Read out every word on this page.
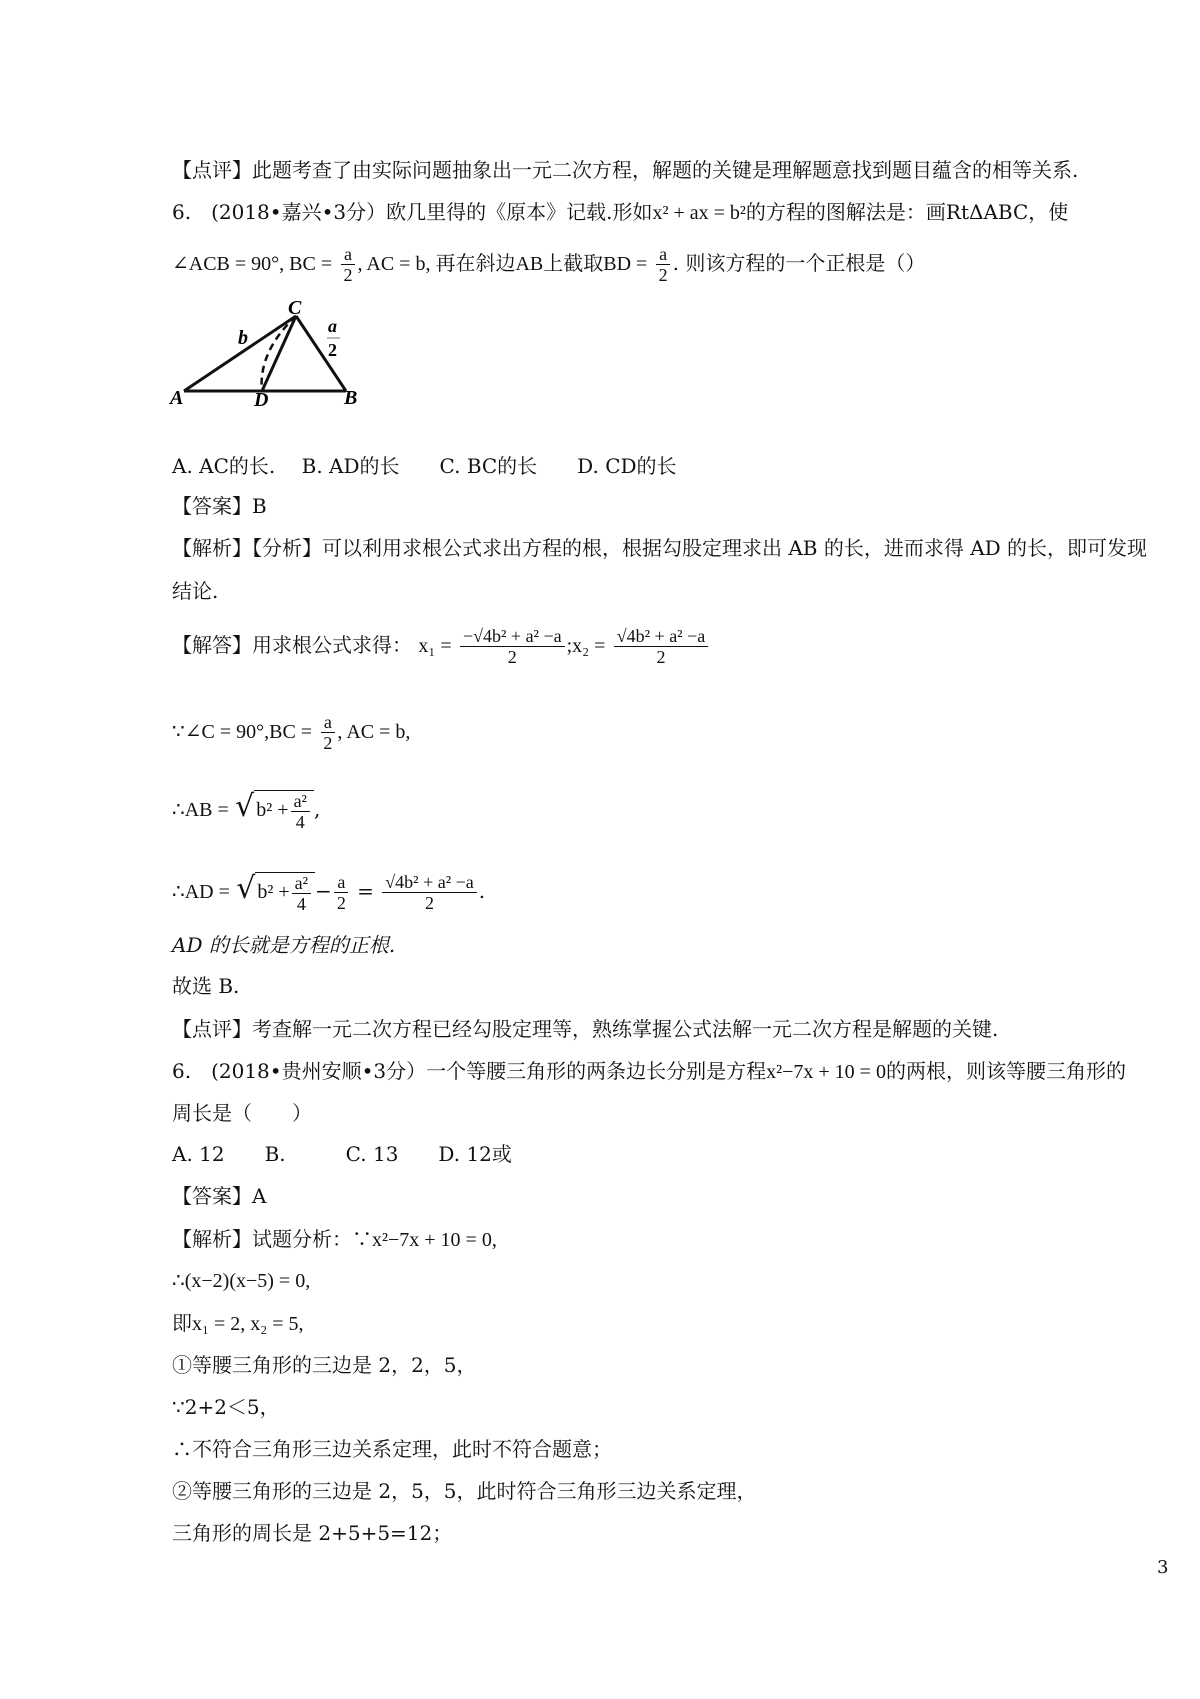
【点评】此题考查了由实际问题抽象出一元二次方程，解题的关键是理解题意找到题目蕴含的相等关系.
6.　(2018•嘉兴•3分）欧几里得的《原本》记载.形如x² + ax = b²的方程的图解法是：画RtΔABC，使
∠ACB = 90°, BC = $\frac{a}{2}$ , AC = b, 再在斜边AB上截取BD = $\frac{a}{2}$ . 则该方程的一个正根是（）
A	D	B
C
b
a
2
A. AC的长.　 B. AD的长　　C. BC的长　　D. CD的长
【答案】B
【解析】【分析】可以利用求根公式求出方程的根，根据勾股定理求出 AB 的长，进而求得 AD 的长，即可发现
结论.
【解答】用求根公式求得： $x_1 = \frac{\text{−√4b² + a² −a}}{2}$ ;x₂ = $\frac{\text{√4b² + a² −a}}{2}$
∵∠C = $90^\circ,BC = \frac{a}{2}$ , AC = b,
∴AB = √ $b^2 + \frac{\text{a²}}{4}$ ,
∴AD = √ $b^2 + \frac{\text{a²}}{4} - \frac{a}{2} = \frac{\text{√4b² + a² −a}}{2}$ .
AD 的长就是方程的正根.
故选 B.
【点评】考查解一元二次方程已经勾股定理等，熟练掌握公式法解一元二次方程是解题的关键.
6.　(2018•贵州安顺•3分）一个等腰三角形的两条边长分别是方程x²−7x + 10 = 0的两根，则该等腰三角形的
周长是（　　）
A. 12　　B.　　　C. 13　　D. 12或
【答案】A
【解析】试题分析：∵x²−7x + 10 = 0,
∴(x−2)(x−5) = 0,
即x₁ = 2, x₂ = 5,
①等腰三角形的三边是 2，2，5，
∵2+2＜5，
∴不符合三角形三边关系定理，此时不符合题意；
②等腰三角形的三边是 2，5，5，此时符合三角形三边关系定理，
三角形的周长是 2+5+5=12；
3
